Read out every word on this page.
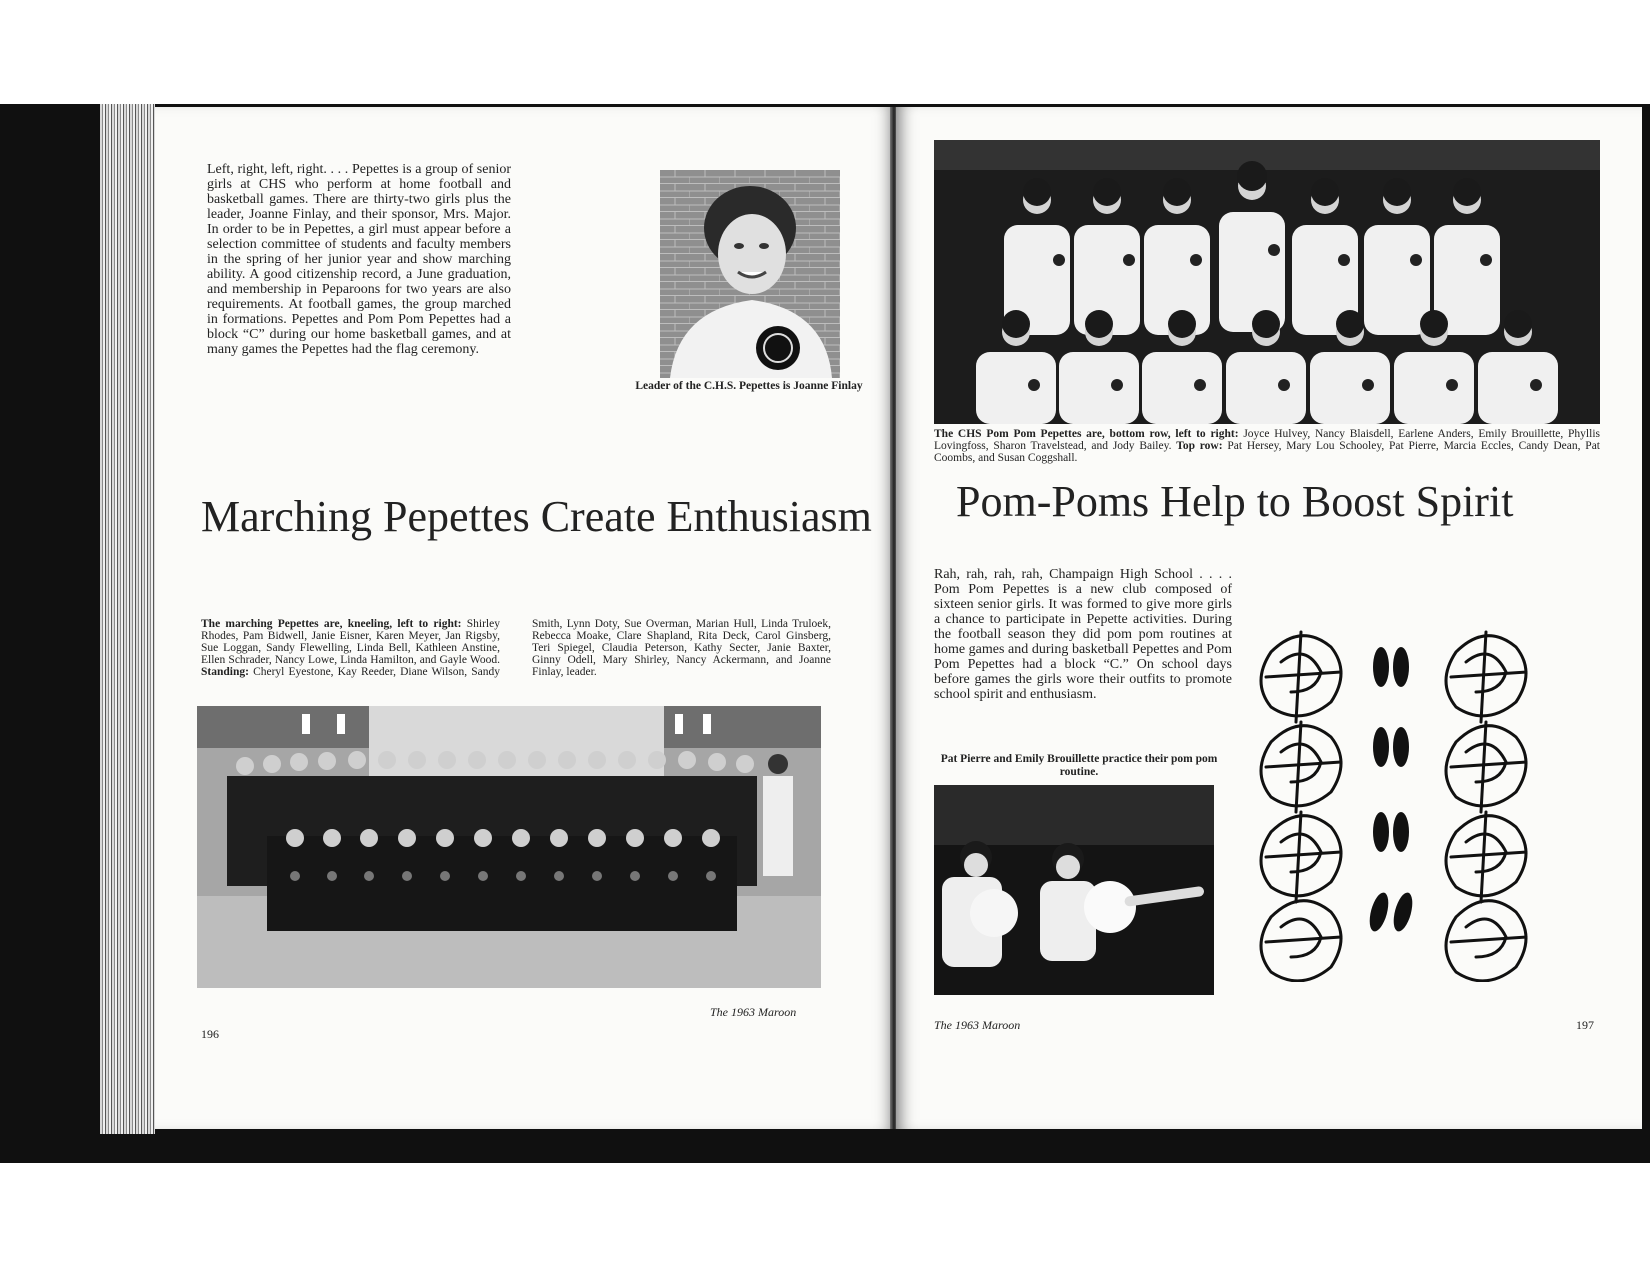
Left, right, left, right. . . . Pepettes is a group of senior girls at CHS who perform at home football and basketball games. There are thirty-two girls plus the leader, Joanne Finlay, and their sponsor, Mrs. Major. In order to be in Pepettes, a girl must appear before a selection committee of students and faculty members in the spring of her junior year and show marching ability. A good citizenship record, a June graduation, and membership in Peparoons for two years are also requirements. At football games, the group marched in formations. Pepettes and Pom Pom Pepettes had a block “C” during our home basketball games, and at many games the Pepettes had the flag ceremony.
Leader of the C.H.S. Pepettes is Joanne Finlay
Marching Pepettes Create Enthusiasm
The marching Pepettes are, kneeling, left to right: Shirley Rhodes, Pam Bidwell, Janie Eisner, Karen Meyer, Jan Rigsby, Sue Loggan, Sandy Flewelling, Linda Bell, Kathleen Anstine, Ellen Schrader, Nancy Lowe, Linda Hamilton, and Gayle Wood. Standing: Cheryl Eyestone, Kay Reeder, Diane Wilson, Sandy Smith, Lynn Doty, Sue Overman, Marian Hull, Linda Truloek, Rebecca Moake, Clare Shapland, Rita Deck, Carol Ginsberg, Teri Spiegel, Claudia Peterson, Kathy Secter, Janie Baxter, Ginny Odell, Mary Shirley, Nancy Ackermann, and Joanne Finlay, leader.
The 1963 Maroon
196
The CHS Pom Pom Pepettes are, bottom row, left to right: Joyce Hulvey, Nancy Blaisdell, Earlene Anders, Emily Brouillette, Phyllis Lovingfoss, Sharon Travelstead, and Jody Bailey. Top row: Pat Hersey, Mary Lou Schooley, Pat Pierre, Marcia Eccles, Candy Dean, Pat Coombs, and Susan Coggshall.
Pom-Poms Help to Boost Spirit
Rah, rah, rah, rah, Champaign High School . . . . Pom Pom Pepettes is a new club composed of sixteen senior girls. It was formed to give more girls a chance to participate in Pepette activities. During the football season they did pom pom routines at home games and during basketball Pepettes and Pom Pom Pepettes had a block “C.” On school days before games the girls wore their outfits to promote school spirit and enthusiasm.
Pat Pierre and Emily Brouillette practice their pom pom routine.
The 1963 Maroon	197
